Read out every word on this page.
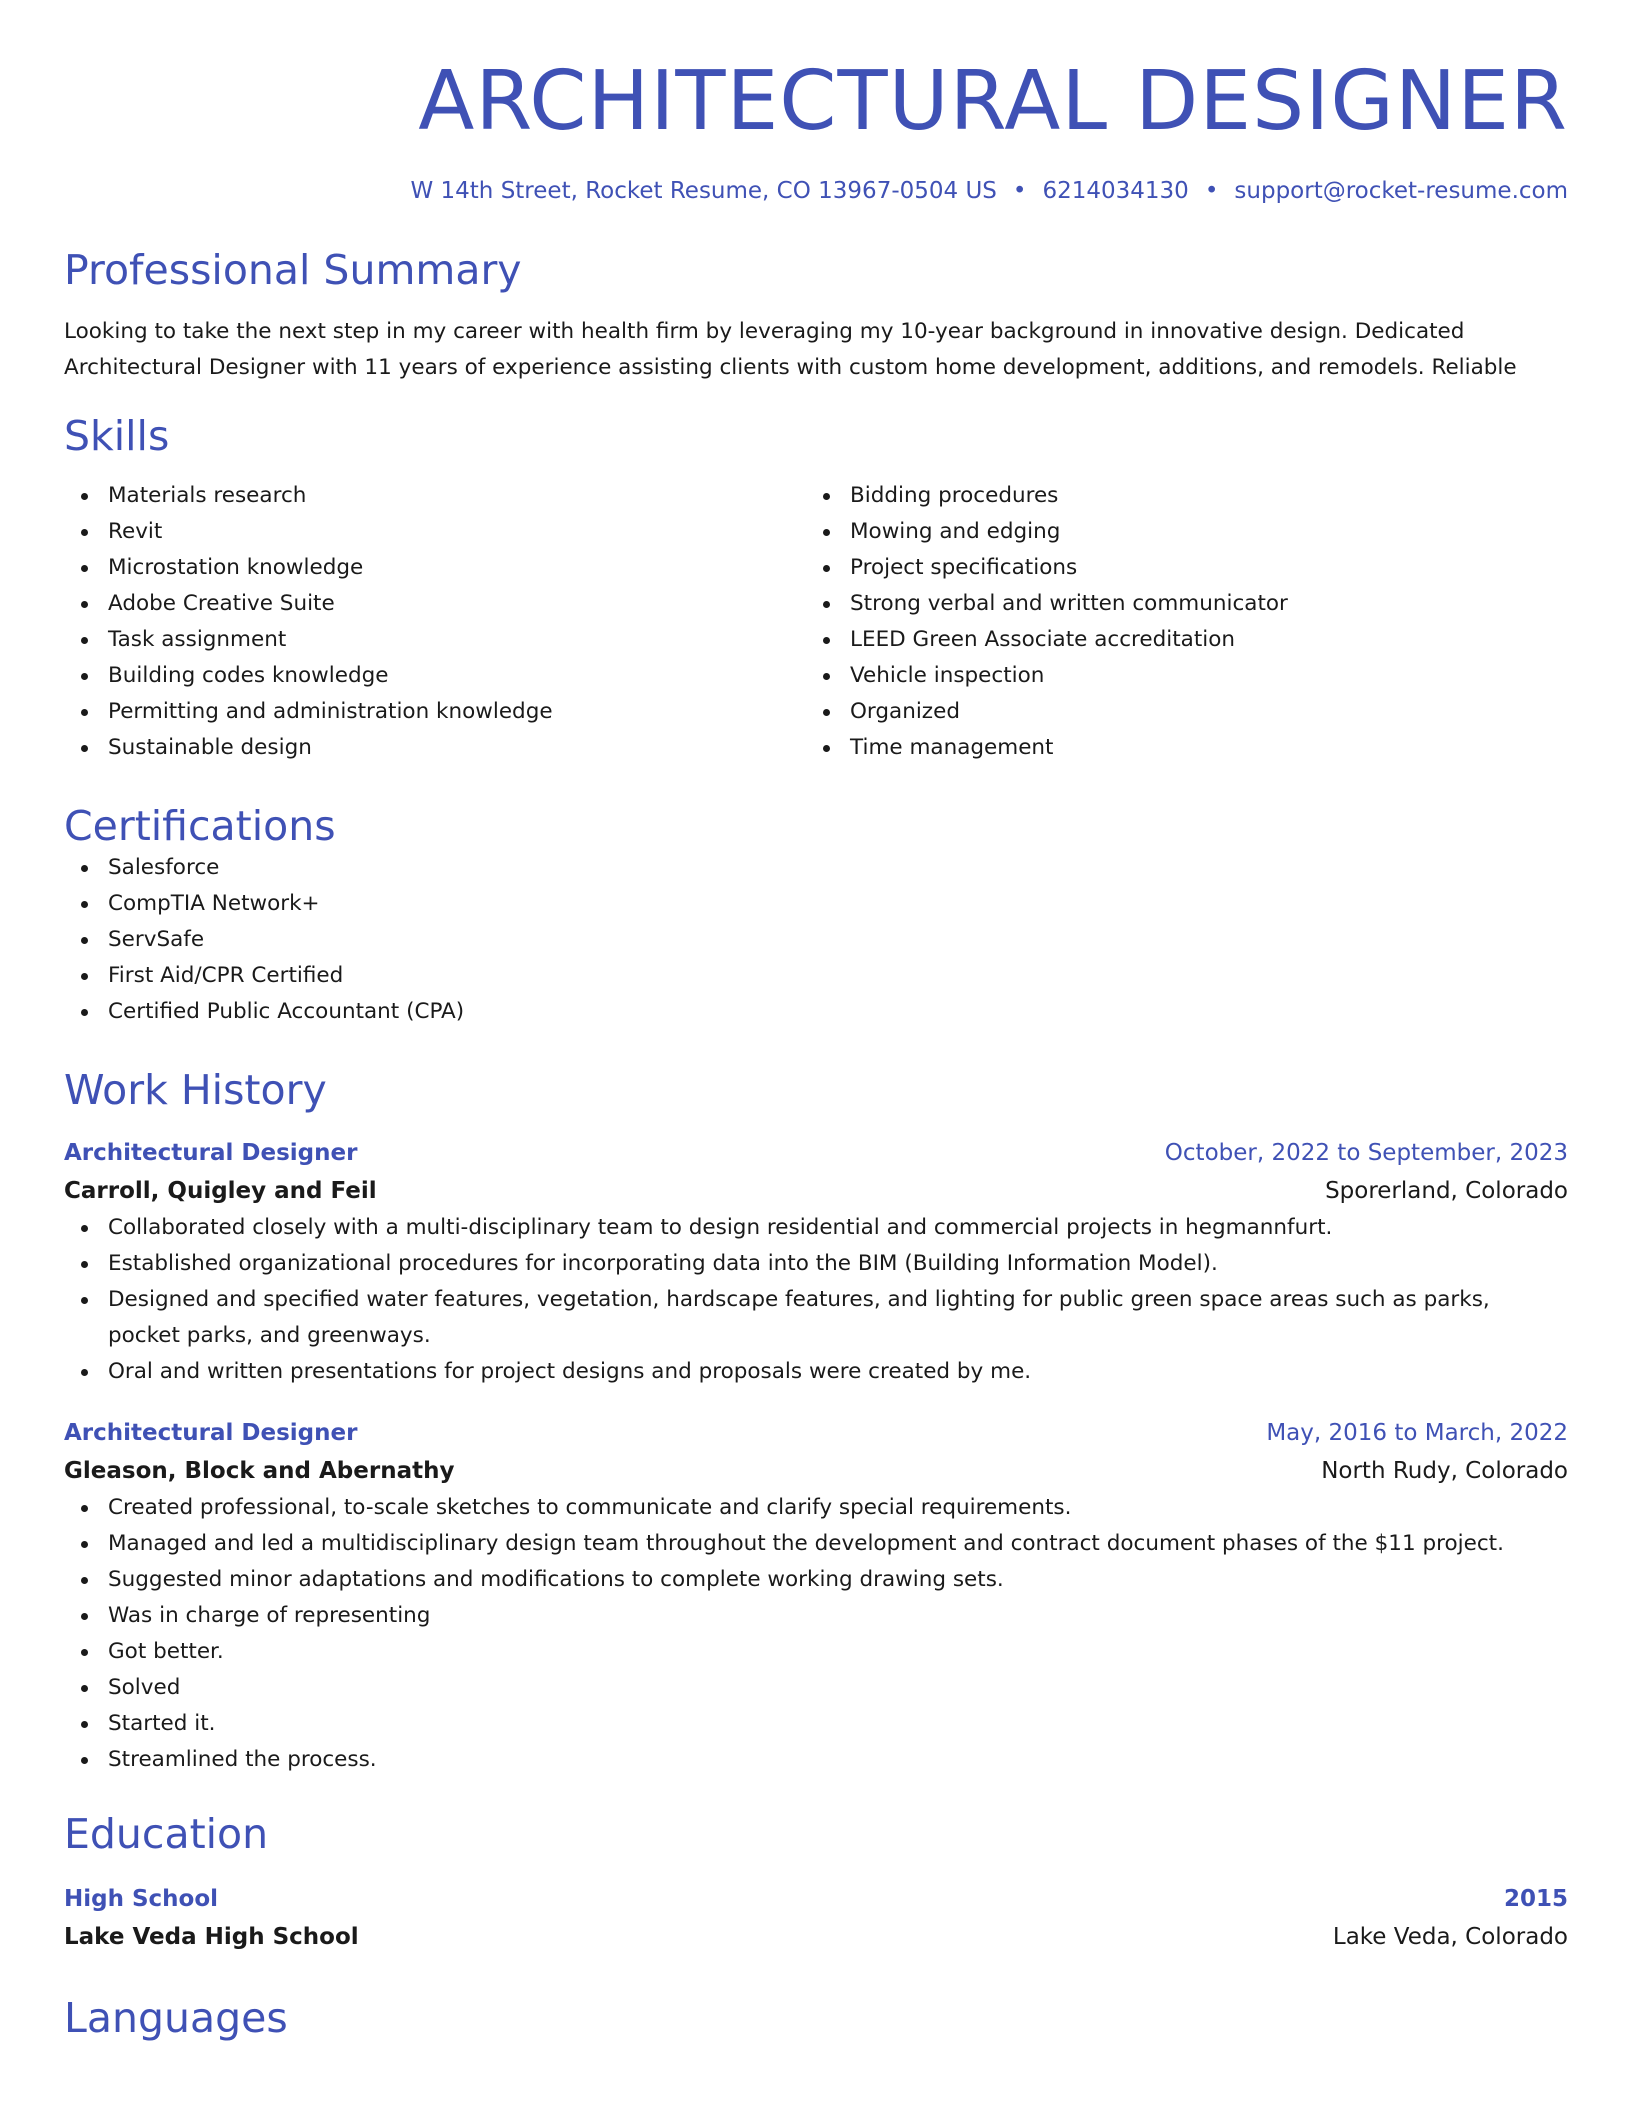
ARCHITECTURAL DESIGNER
W 14th Street, Rocket Resume, CO 13967-0504 US • 6214034130 • support@rocket-resume.com
Professional Summary
Looking to take the next step in my career with health firm by leveraging my 10-year background in innovative design. Dedicated Architectural Designer with 11 years of experience assisting clients with custom home development, additions, and remodels. Reliable
Skills
Materials research
Revit
Microstation knowledge
Adobe Creative Suite
Task assignment
Building codes knowledge
Permitting and administration knowledge
Sustainable design
Bidding procedures
Mowing and edging
Project specifications
Strong verbal and written communicator
LEED Green Associate accreditation
Vehicle inspection
Organized
Time management
Certifications
Salesforce
CompTIA Network+
ServSafe
First Aid/CPR Certified
Certified Public Accountant (CPA)
Work History
Architectural Designer	October, 2022 to September, 2023
Carroll, Quigley and Feil	Sporerland, Colorado
Collaborated closely with a multi-disciplinary team to design residential and commercial projects in hegmannfurt.
Established organizational procedures for incorporating data into the BIM (Building Information Model).
Designed and specified water features, vegetation, hardscape features, and lighting for public green space areas such as parks, pocket parks, and greenways.
Oral and written presentations for project designs and proposals were created by me.
Architectural Designer	May, 2016 to March, 2022
Gleason, Block and Abernathy	North Rudy, Colorado
Created professional, to-scale sketches to communicate and clarify special requirements.
Managed and led a multidisciplinary design team throughout the development and contract document phases of the $11 project.
Suggested minor adaptations and modifications to complete working drawing sets.
Was in charge of representing
Got better.
Solved
Started it.
Streamlined the process.
Education
High School	2015
Lake Veda High School	Lake Veda, Colorado
Languages
